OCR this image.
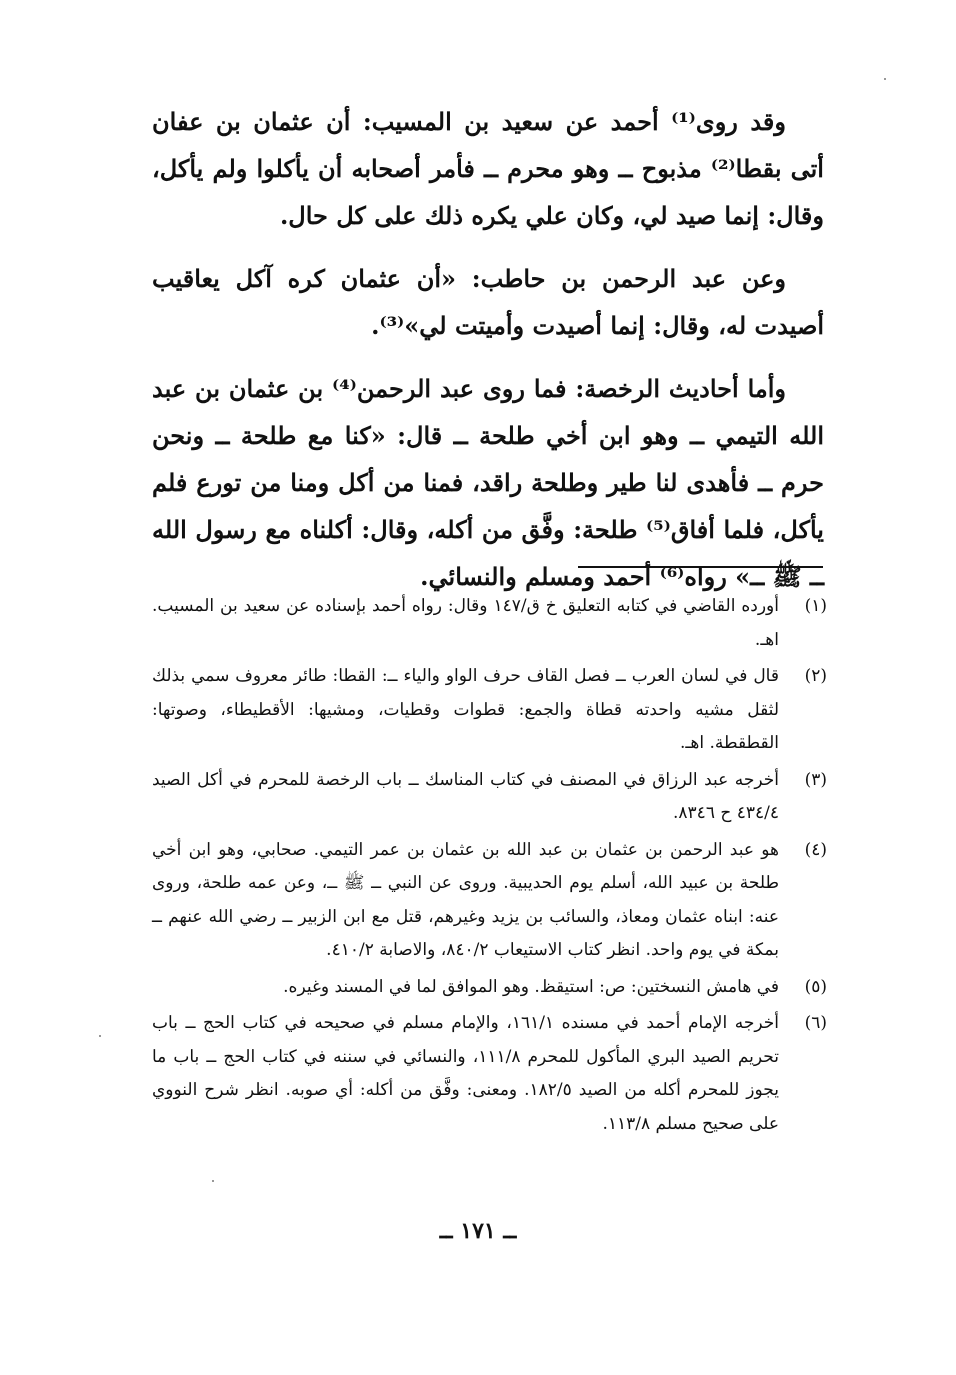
وقد روى⁽¹⁾ أحمد عن سعيد بن المسيب: أن عثمان بن عفان أتى بقطا⁽²⁾ مذبوح ــ وهو محرم ــ فأمر أصحابه أن يأكلوا ولم يأكل، وقال: إنما صيد لي، وكان علي يكره ذلك على كل حال.

وعن عبد الرحمن بن حاطب: «أن عثمان كره آكل يعاقيب أصيدت له، وقال: إنما أصيدت وأميتت لي»⁽³⁾.

وأما أحاديث الرخصة: فما روى عبد الرحمن⁽⁴⁾ بن عثمان بن عبد الله التيمي ــ وهو ابن أخي طلحة ــ قال: «كنا مع طلحة ــ ونحن حرم ــ فأهدى لنا طير وطلحة راقد، فمنا من أكل ومنا من تورع فلم يأكل، فلما أفاق⁽⁵⁾ طلحة: وفَّق من أكله، وقال: أكلناه مع رسول الله ــ ﷺ ــ» رواه⁽⁶⁾ أحمد ومسلم والنسائي.

(١)
أورده القاضي في كتابه التعليق خ ق/١٤٧ وقال: رواه أحمد بإسناده عن سعيد بن المسيب. اهـ.
(٢)
قال في لسان العرب ــ فصل القاف حرف الواو والياء ــ: القطا: طائر معروف سمي بذلك لثقل مشيه واحدته قطاة والجمع: قطوات وقطيات، ومشيها: الأقطيطاء، وصوتها: القطقطة. اهـ.
(٣)
أخرجه عبد الرزاق في المصنف في كتاب المناسك ــ باب الرخصة للمحرم في أكل الصيد ٤٣٤/٤ ح ٨٣٤٦.
(٤)
هو عبد الرحمن بن عثمان بن عبد الله بن عثمان بن عمر التيمي. صحابي، وهو ابن أخي طلحة بن عبيد الله، أسلم يوم الحديبية. وروى عن النبي ــ ﷺ ــ، وعن عمه طلحة، وروى عنه: ابناه عثمان ومعاذ، والسائب بن يزيد وغيرهم، قتل مع ابن الزبير ــ رضي الله عنهم ــ بمكة في يوم واحد. انظر كتاب الاستيعاب ٨٤٠/٢، والاصابة ٤١٠/٢.
(٥)
في هامش النسختين: ص: استيقظ. وهو الموافق لما في المسند وغيره.
(٦)
أخرجه الإمام أحمد في مسنده ١٦١/١، والإمام مسلم في صحيحه في كتاب الحج ــ باب تحريم الصيد البري المأكول للمحرم ١١١/٨، والنسائي في سننه في كتاب الحج ــ باب ما يجوز للمحرم أكله من الصيد ١٨٢/٥. ومعنى: وفَّق من أكله: أي صوبه. انظر شرح النووي على صحيح مسلم ١١٣/٨.
ــ ١٧١ ــ
